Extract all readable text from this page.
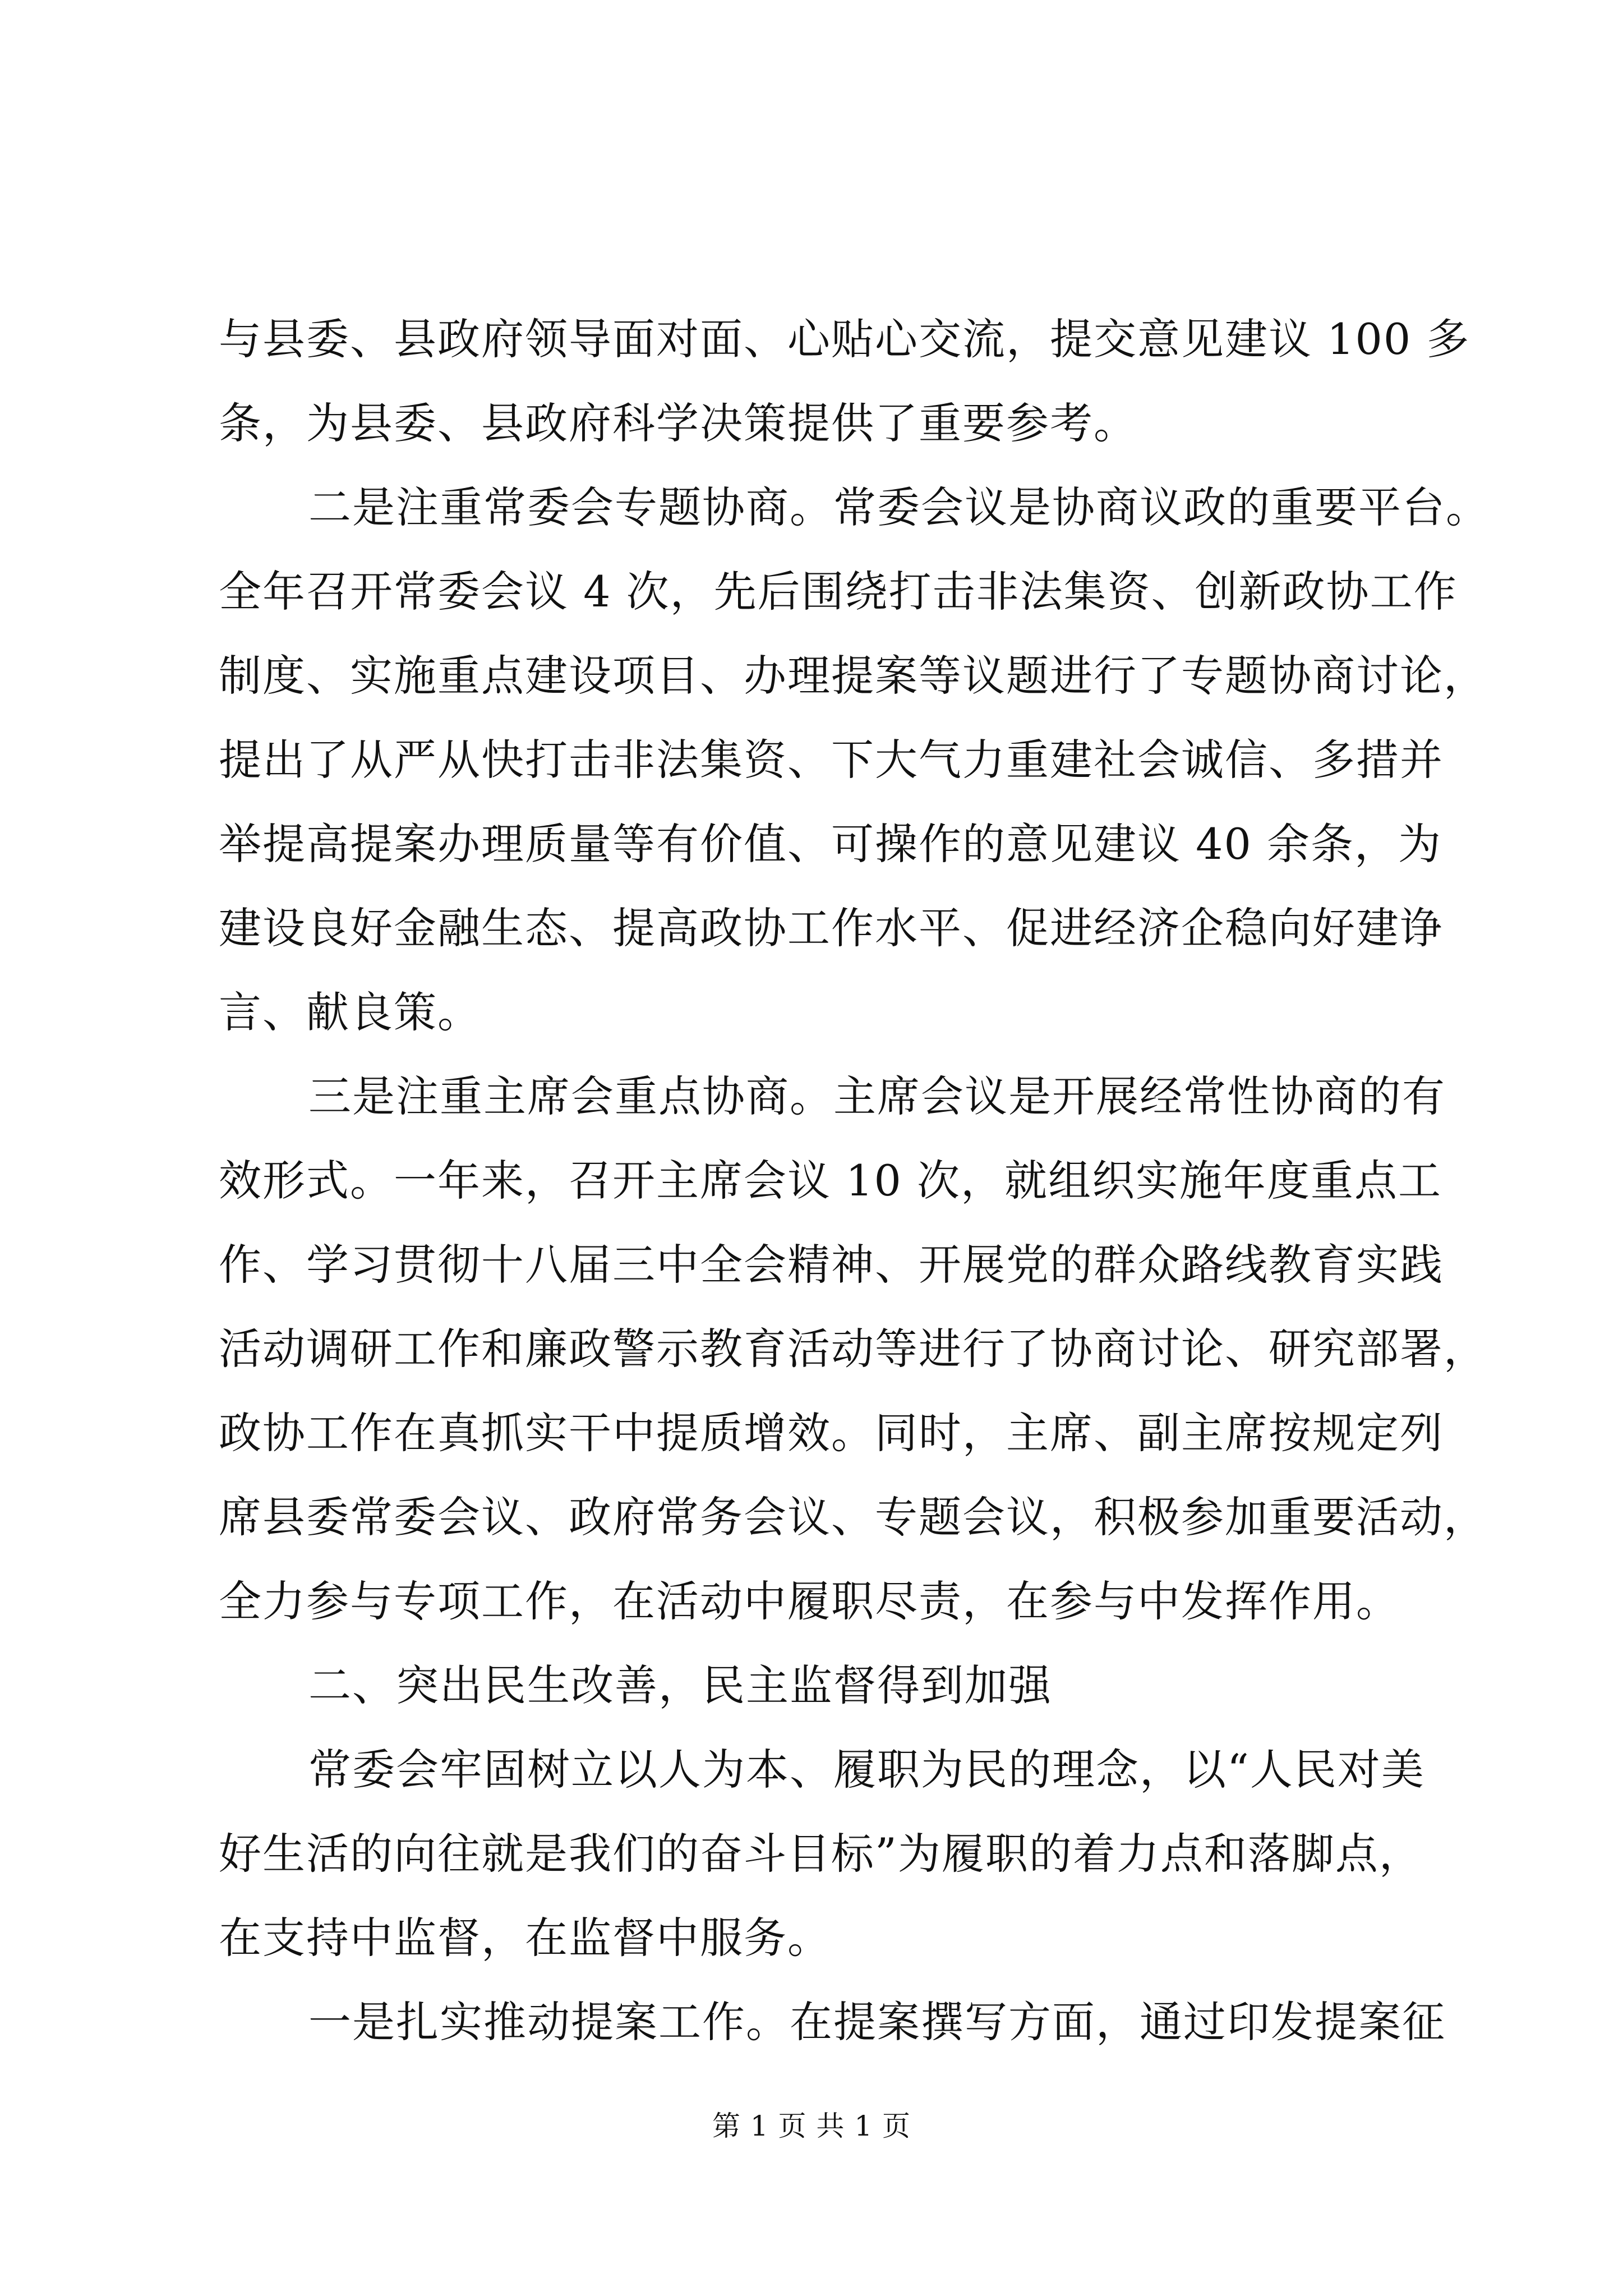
与县委、县政府领导面对面、心贴心交流，提交意见建议 100 多
条，为县委、县政府科学决策提供了重要参考。
二是注重常委会专题协商。常委会议是协商议政的重要平台。
全年召开常委会议 4 次，先后围绕打击非法集资、创新政协工作
制度、实施重点建设项目、办理提案等议题进行了专题协商讨论，
提出了从严从快打击非法集资、下大气力重建社会诚信、多措并
举提高提案办理质量等有价值、可操作的意见建议 40 余条，为
建设良好金融生态、提高政协工作水平、促进经济企稳向好建诤
言、献良策。
三是注重主席会重点协商。主席会议是开展经常性协商的有
效形式。一年来，召开主席会议 10 次，就组织实施年度重点工
作、学习贯彻十八届三中全会精神、开展党的群众路线教育实践
活动调研工作和廉政警示教育活动等进行了协商讨论、研究部署，
政协工作在真抓实干中提质增效。同时，主席、副主席按规定列
席县委常委会议、政府常务会议、专题会议，积极参加重要活动，
全力参与专项工作，在活动中履职尽责，在参与中发挥作用。
二、突出民生改善，民主监督得到加强
常委会牢固树立以人为本、履职为民的理念，以“人民对美
好生活的向往就是我们的奋斗目标”为履职的着力点和落脚点，
在支持中监督，在监督中服务。
一是扎实推动提案工作。在提案撰写方面，通过印发提案征
第 1 页 共 1 页
